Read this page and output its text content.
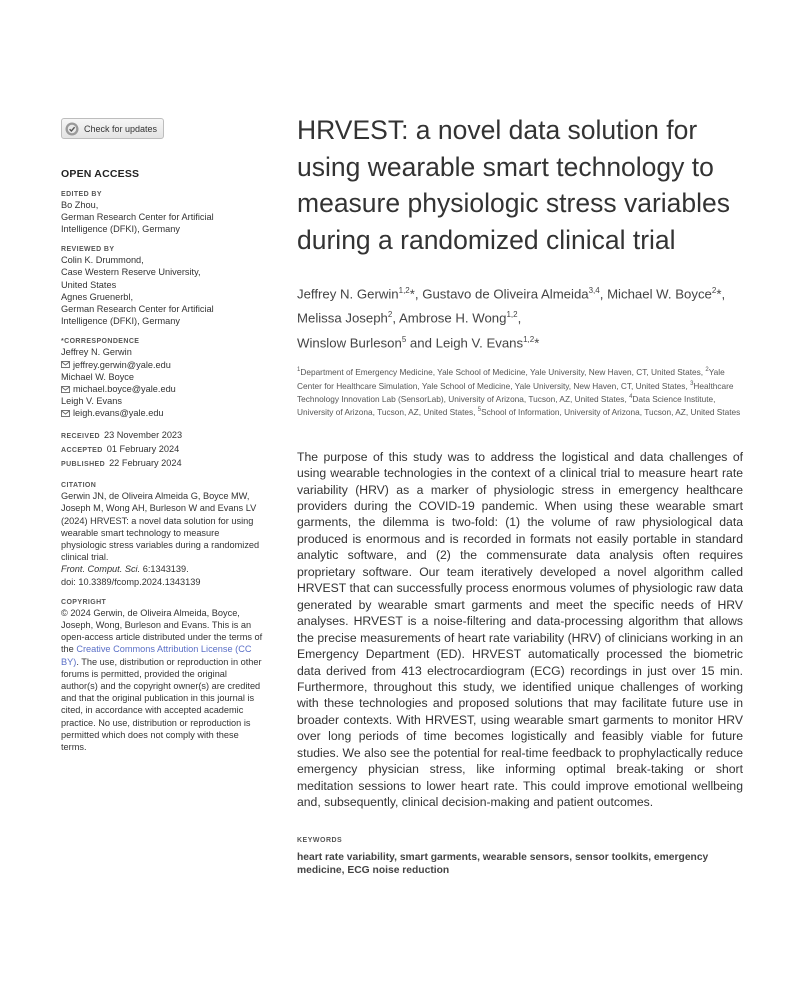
Check for updates
OPEN ACCESS
EDITED BY
Bo Zhou,
German Research Center for Artificial
Intelligence (DFKI), Germany
REVIEWED BY
Colin K. Drummond,
Case Western Reserve University,
United States
Agnes Gruenerbl,
German Research Center for Artificial
Intelligence (DFKI), Germany
*CORRESPONDENCE
Jeffrey N. Gerwin
jeffrey.gerwin@yale.edu
Michael W. Boyce
michael.boyce@yale.edu
Leigh V. Evans
leigh.evans@yale.edu
RECEIVED 23 November 2023
ACCEPTED 01 February 2024
PUBLISHED 22 February 2024
CITATION
Gerwin JN, de Oliveira Almeida G, Boyce MW, Joseph M, Wong AH, Burleson W and Evans LV (2024) HRVEST: a novel data solution for using wearable smart technology to measure physiologic stress variables during a randomized clinical trial.
Front. Comput. Sci. 6:1343139.
doi: 10.3389/fcomp.2024.1343139
COPYRIGHT
© 2024 Gerwin, de Oliveira Almeida, Boyce, Joseph, Wong, Burleson and Evans. This is an open-access article distributed under the terms of the Creative Commons Attribution License (CC BY). The use, distribution or reproduction in other forums is permitted, provided the original author(s) and the copyright owner(s) are credited and that the original publication in this journal is cited, in accordance with accepted academic practice. No use, distribution or reproduction is permitted which does not comply with these terms.
HRVEST: a novel data solution for using wearable smart technology to measure physiologic stress variables during a randomized clinical trial
Jeffrey N. Gerwin$^{1,2}$*, Gustavo de Oliveira Almeida$^{3,4}$, Michael W. Boyce$^2$*, Melissa Joseph$^2$, Ambrose H. Wong$^{1,2}$,
Winslow Burleson$^5$ and Leigh V. Evans$^{1,2}$*
$^1$Department of Emergency Medicine, Yale School of Medicine, Yale University, New Haven, CT, United States, $^2$Yale Center for Healthcare Simulation, Yale School of Medicine, Yale University, New Haven, CT, United States, $^3$Healthcare Technology Innovation Lab (SensorLab), University of Arizona, Tucson, AZ, United States, $^4$Data Science Institute, University of Arizona, Tucson, AZ, United States, $^5$School of Information, University of Arizona, Tucson, AZ, United States
The purpose of this study was to address the logistical and data challenges of using wearable technologies in the context of a clinical trial to measure heart rate variability (HRV) as a marker of physiologic stress in emergency healthcare providers during the COVID-19 pandemic. When using these wearable smart garments, the dilemma is two-fold: (1) the volume of raw physiological data produced is enormous and is recorded in formats not easily portable in standard analytic software, and (2) the commensurate data analysis often requires proprietary software. Our team iteratively developed a novel algorithm called HRVEST that can successfully process enormous volumes of physiologic raw data generated by wearable smart garments and meet the specific needs of HRV analyses. HRVEST is a noise-filtering and data-processing algorithm that allows the precise measurements of heart rate variability (HRV) of clinicians working in an Emergency Department (ED). HRVEST automatically processed the biometric data derived from 413 electrocardiogram (ECG) recordings in just over 15 min. Furthermore, throughout this study, we identified unique challenges of working with these technologies and proposed solutions that may facilitate future use in broader contexts. With HRVEST, using wearable smart garments to monitor HRV over long periods of time becomes logistically and feasibly viable for future studies. We also see the potential for real-time feedback to prophylactically reduce emergency physician stress, like informing optimal break-taking or short meditation sessions to lower heart rate. This could improve emotional wellbeing and, subsequently, clinical decision-making and patient outcomes.
KEYWORDS
heart rate variability, smart garments, wearable sensors, sensor toolkits, emergency medicine, ECG noise reduction
